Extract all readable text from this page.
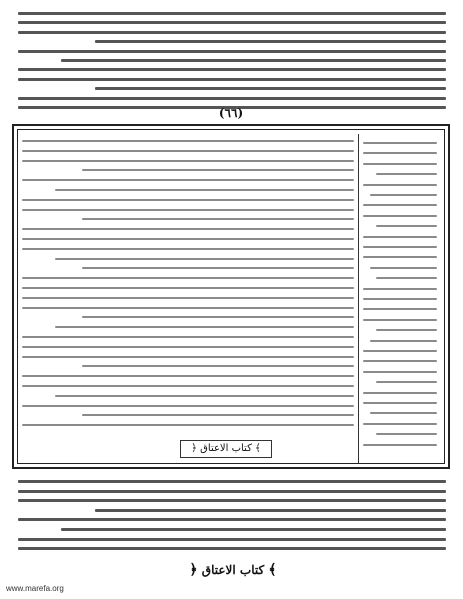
(٦٦)
﴿ كتاب الاعتاق ﴾
﴿ كتاب الاعتاق ﴾
www.marefa.org
